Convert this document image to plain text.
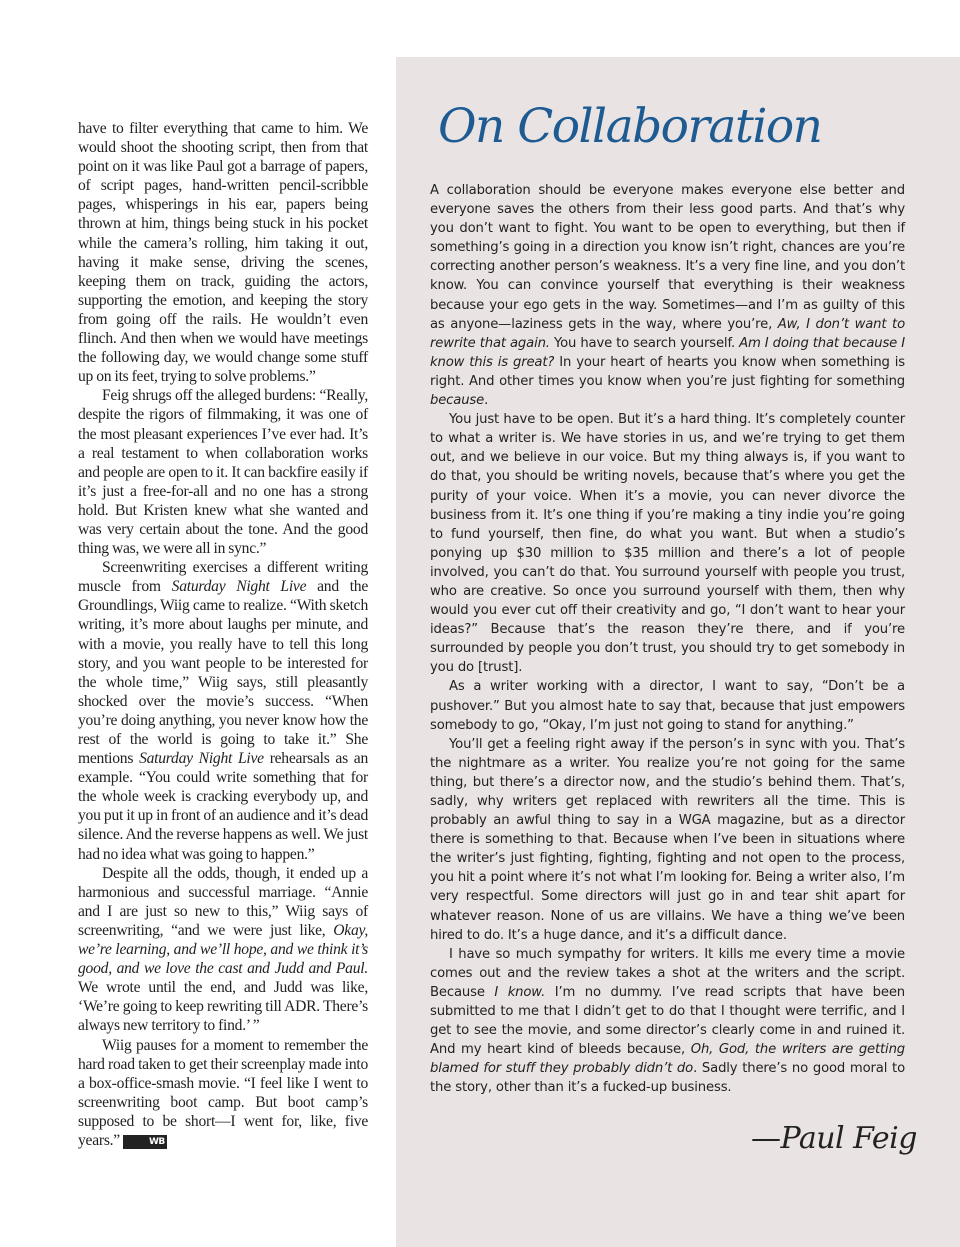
have to filter everything that came to him. We would shoot the shooting script, then from that point on it was like Paul got a barrage of papers, of script pages, hand-written pencil-scribble pages, whisperings in his ear, papers being thrown at him, things being stuck in his pocket while the camera’s rolling, him taking it out, having it make sense, driving the scenes, keeping them on track, guiding the actors, supporting the emotion, and keeping the story from going off the rails. He wouldn’t even flinch. And then when we would have meetings the following day, we would change some stuff up on its feet, trying to solve problems.”

Feig shrugs off the alleged burdens: “Really, despite the rigors of filmmaking, it was one of the most pleasant experiences I’ve ever had. It’s a real testament to when collaboration works and people are open to it. It can backfire easily if it’s just a free-for-all and no one has a strong hold. But Kristen knew what she wanted and was very certain about the tone. And the good thing was, we were all in sync.”

Screenwriting exercises a different writing muscle from Saturday Night Live and the Groundlings, Wiig came to realize. “With sketch writing, it’s more about laughs per minute, and with a movie, you really have to tell this long story, and you want people to be interested for the whole time,” Wiig says, still pleasantly shocked over the movie’s success. “When you’re doing anything, you never know how the rest of the world is going to take it.” She mentions Saturday Night Live rehearsals as an example. “You could write something that for the whole week is cracking everybody up, and you put it up in front of an audience and it’s dead silence. And the reverse happens as well. We just had no idea what was going to happen.”

Despite all the odds, though, it ended up a harmonious and successful marriage. “Annie and I are just so new to this,” Wiig says of screenwriting, “and we were just like, Okay, we’re learning, and we’ll hope, and we think it’s good, and we love the cast and Judd and Paul. We wrote until the end, and Judd was like, ‘We’re going to keep rewriting till ADR. There’s always new territory to find.’ ”

Wiig pauses for a moment to remember the hard road taken to get their screenplay made into a box-office-smash movie. “I feel like I went to screenwriting boot camp. But boot camp’s supposed to be short—I went for, like, five years.”	WB

On Collaboration

A collaboration should be everyone makes everyone else better and everyone saves the others from their less good parts. And that’s why you don’t want to fight. You want to be open to everything, but then if something’s going in a direction you know isn’t right, chances are you’re correcting another person’s weakness. It’s a very fine line, and you don’t know. You can convince yourself that everything is their weakness because your ego gets in the way. Sometimes—and I’m as guilty of this as anyone—laziness gets in the way, where you’re, Aw, I don’t want to rewrite that again. You have to search yourself. Am I doing that because I know this is great? In your heart of hearts you know when something is right. And other times you know when you’re just fighting for something because.

You just have to be open. But it’s a hard thing. It’s completely counter to what a writer is. We have stories in us, and we’re trying to get them out, and we believe in our voice. But my thing always is, if you want to do that, you should be writing novels, because that’s where you get the purity of your voice. When it’s a movie, you can never divorce the business from it. It’s one thing if you’re making a tiny indie you’re going to fund yourself, then fine, do what you want. But when a studio’s ponying up $30 million to $35 million and there’s a lot of people involved, you can’t do that. You surround yourself with people you trust, who are creative. So once you surround yourself with them, then why would you ever cut off their creativity and go, “I don’t want to hear your ideas?” Because that’s the reason they’re there, and if you’re surrounded by people you don’t trust, you should try to get somebody in you do [trust].

As a writer working with a director, I want to say, “Don’t be a pushover.” But you almost hate to say that, because that just empowers somebody to go, “Okay, I’m just not going to stand for anything.”

You’ll get a feeling right away if the person’s in sync with you. That’s the nightmare as a writer. You realize you’re not going for the same thing, but there’s a director now, and the studio’s behind them. That’s, sadly, why writers get replaced with rewriters all the time. This is probably an awful thing to say in a WGA magazine, but as a director there is something to that. Because when I’ve been in situations where the writer’s just fighting, fighting, fighting and not open to the process, you hit a point where it’s not what I’m looking for. Being a writer also, I’m very respectful. Some directors will just go in and tear shit apart for whatever reason. None of us are villains. We have a thing we’ve been hired to do. It’s a huge dance, and it’s a difficult dance.

I have so much sympathy for writers. It kills me every time a movie comes out and the review takes a shot at the writers and the script. Because I know. I’m no dummy. I’ve read scripts that have been submitted to me that I didn’t get to do that I thought were terrific, and I get to see the movie, and some director’s clearly come in and ruined it. And my heart kind of bleeds because, Oh, God, the writers are getting blamed for stuff they probably didn’t do. Sadly there’s no good moral to the story, other than it’s a fucked-up business.

—Paul Feig
